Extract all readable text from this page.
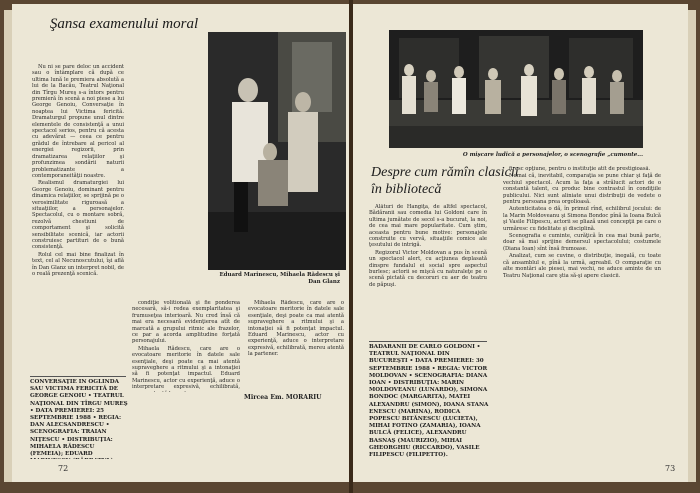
Şansa examenului moral

Nu ni se pare deloc un accident sau o întâmplare că după ce ultima lună le premiera absolută a lui de la Bacău, Teatrul Naţional din Tîrgu Mureş s-a întors pentru premieră în scenă a noi piese a lui George Genoiu, Conversaţie în noaptea lui Victima fericită. Dramaturgul propune unul dintre elementele de consistenţă a unui spectacol serios, pentru că acesta cu adevărat — ceea ce pentru grădul de întrebare al pericol al energiei regizorii, prin dramatizarea relaţiilor şi profunzimea sondării naturii problematizante a contemporaneităţii noastre.

Realismul dramaturgiei lui George Genoiu, dominant pentru dinamica relaţiilor, se sprijină pe o verosimilitate riguroasă a situaţiilor, a personajelor. Spectacolul, cu o montare sobră, rezolvă chestiuni de comportament şi solicită sensibilitate scenică, iar actorii construiesc partituri de o bună consistenţă.

Rolul cel mai bine finalizat în text, cel al Necunoscutului, îşi află în Dan Glanz un interpret nobil, de o reală prezenţă scenică.	Eduard Marinescu, Mihaela Rădescu şi Dan Glanz

condiţie volitională şi fie ponderea necesară, să-i redea exemplaritatea şi frumuseţea interioară. Nu cred însă că mai era necesară evidenţierea atît de marcată a grupului ritmic ale frazelor, ce par a acorda amplitudine forţată personajului.

Mihaela Rădescu, care are o evocatoare meritorie în datele sale esenţiale, deşi poate ca mai atentă supraveghere a ritmului şi a intonaţiei să fi potenţat impactul. Eduard Marinescu, actor cu experienţă, aduce o interpretare expresivă, echilibrată,

Mihaela Rădescu, care are o evocatoare meritorie în datele sale esenţiale, deşi poate ca mai atentă supraveghere a ritmului şi a intonaţiei să fi potenţat impactul. Eduard Marinescu, actor cu experienţă, aduce o interpretare expresivă, echilibrată, mereu atentă la partener.

CONVERSAŢIE ÎN OGLINDĂ SAU VICTIMA FERICITĂ DE GEORGE GENOIU • TEATRUL NAŢIONAL DIN TÎRGU MUREŞ • DATA PREMIEREI: 25 SEPTEMBRIE 1988 • REGIA: DAN ALECSANDRESCU • SCENOGRAFIA: TRAIAN NIŢESCU • DISTRIBUŢIA: MIHAELA RĂDESCU (FEMEIA); EDUARD
Mircea Em. MORARIU
72
O mişcare ludică a personajelor, o scenografie „cumonte...
Despre cum rămîn clasicii în bibliotecă

Alături de Hangiţa, de altfel spectacol, Bădăranii sau comedia lui Goldoni care în ultima jumătate de secol s-a bucurat, la noi, de cea mai mare popularitate. Cum ştim, aceasta pentru bune motive: personajele construite cu vervă, situaţiile comice ale ţesutului de intrigă.

Regizorul Victor Moldovan a pus în scenă un spectacol alert, cu acţiunea deplasată dinspre fundalul ei social spre aspectul burlesc; actorii se mişcă cu naturaleţe pe o scenă pictată cu decoruri cu aer de teatru de păpuşi.

BĂDĂRANII DE CARLO GOLDONI • TEATRUL NAŢIONAL DIN BUCUREŞTI • DATA PREMIEREI: 30 SEPTEMBRIE 1988 • REGIA: VICTOR MOLDOVAN • SCENOGRAFIA: DIANA IOAN • DISTRIBUŢIA: MARIN MOLDOVEANU (LUNARDO), SIMONA BONDOC (MARGARITA), MATEI ALEXANDRU (SIMON), IOANA STANA ENESCU (MARINA), RODICA POPESCU BITĂNESCU (LUCIETA), MIHAI FOTINO (ZAMARIA), IOANA BULCĂ (FELICE), ALEXANDRU BASNAŞ (MAURIZIO), MIHAI GHEORGHIU (RICCARDO), VASILE FILIPESCU (FILIPETTO).

firesc opţiune, pentru o instituţie atît de prestigioasă.

Numai că, inevitabil, comparaţia se pune chiar şi faţă de vechiul spectacol. Acum la faţa a strălucit actori de o constantă talent, cu produc bine contrastul în condiţiile publicului. Nici sunt aliniate unui distribuţii de vedete o pentru persoana prea orgolioasă.

Autenticitatea o dă, în primul rînd, echilibrul jocului: de la Marin Moldoveanu şi Simona Bondoc pînă la Ioana Bulcă şi Vasile Filipescu, actorii se pliază unei concepţii pe care o urmăresc cu fidelitate şi disciplină.

Scenografia e cuminte, curăţică în cea mai bună parte, doar să mai sprijine demersul spectacolului; costumele (Diana Ioan) sînt însă frumoase.

Analizat, cum se cuvine, o distribuţie, inegală, cu toate că ansamblul e, pînă la urmă, agreabil. O comparaţie cu alte montări ale piesei, mai vechi, ne aduce aminte de un Teatru Naţional care ştia să-şi apere clasicii.

73
